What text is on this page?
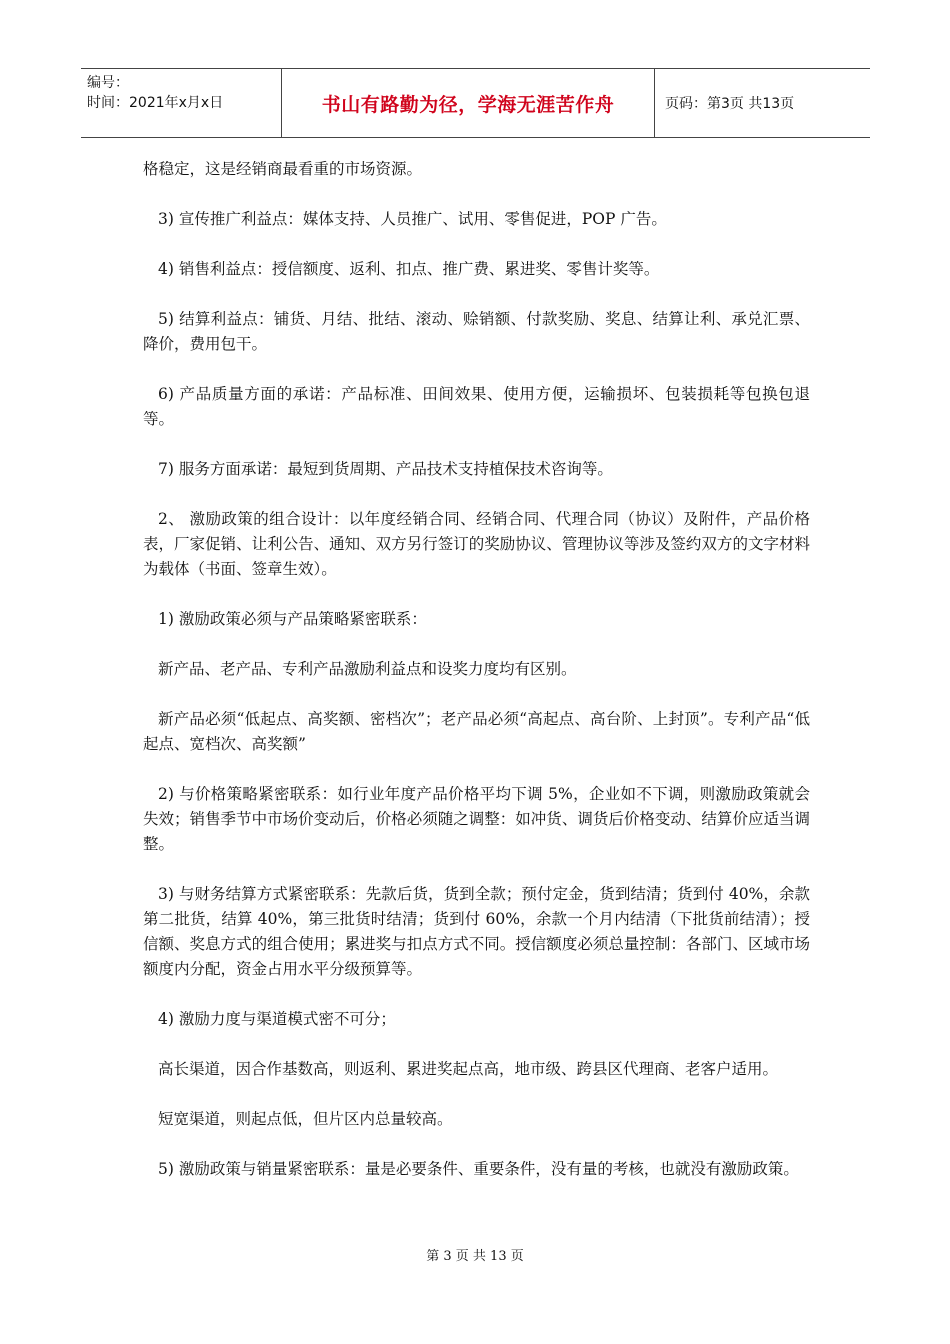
编号：
时间：2021年x月x日	书山有路勤为径，学海无涯苦作舟	页码：第3页 共13页

格稳定，这是经销商最看重的市场资源。

3) 宣传推广利益点：媒体支持、人员推广、试用、零售促进，POP 广告。

4) 销售利益点：授信额度、返利、扣点、推广费、累进奖、零售计奖等。

5) 结算利益点：铺货、月结、批结、滚动、赊销额、付款奖励、奖息、结算让利、承兑汇票、降价，费用包干。

6) 产品质量方面的承诺：产品标准、田间效果、使用方便，运输损坏、包装损耗等包换包退等。

7) 服务方面承诺：最短到货周期、产品技术支持植保技术咨询等。

2、 激励政策的组合设计：以年度经销合同、经销合同、代理合同（协议）及附件，产品价格表，厂家促销、让利公告、通知、双方另行签订的奖励协议、管理协议等涉及签约双方的文字材料为载体（书面、签章生效）。

1) 激励政策必须与产品策略紧密联系：

新产品、老产品、专利产品激励利益点和设奖力度均有区别。

新产品必须“低起点、高奖额、密档次”；老产品必须“高起点、高台阶、上封顶”。专利产品“低起点、宽档次、高奖额”

2) 与价格策略紧密联系：如行业年度产品价格平均下调 5%，企业如不下调，则激励政策就会失效；销售季节中市场价变动后，价格必须随之调整：如冲货、调货后价格变动、结算价应适当调整。

3) 与财务结算方式紧密联系：先款后货，货到全款；预付定金，货到结清；货到付 40%，余款第二批货，结算 40%，第三批货时结清；货到付 60%，余款一个月内结清（下批货前结清）；授信额、奖息方式的组合使用；累进奖与扣点方式不同。授信额度必须总量控制：各部门、区域市场额度内分配，资金占用水平分级预算等。

4) 激励力度与渠道模式密不可分；

高长渠道，因合作基数高，则返利、累进奖起点高，地市级、跨县区代理商、老客户适用。

短宽渠道，则起点低，但片区内总量较高。

5) 激励政策与销量紧密联系：量是必要条件、重要条件，没有量的考核，也就没有激励政策。

第 3 页 共 13 页
